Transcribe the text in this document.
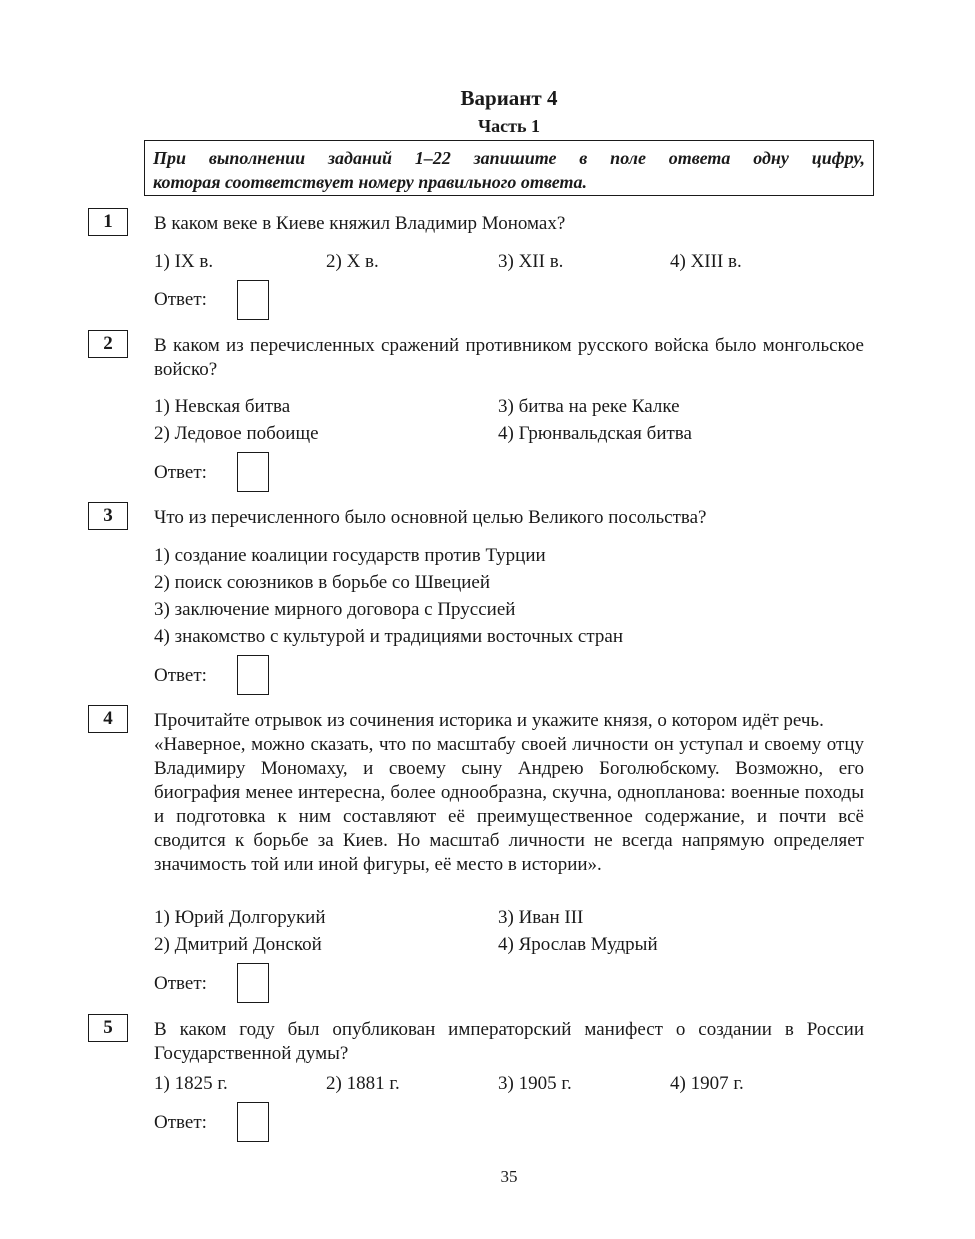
Вариант 4
Часть 1
При выполнении заданий 1–22 запишите в поле ответа одну цифру,
которая соответствует номеру правильного ответа.
1	В каком веке в Киеве княжил Владимир Мономах?
1) IX в.	2) X в.	3) XII в.	4) XIII в.
Ответ:
2	В каком из перечисленных сражений противником русского войска было монгольское войско?
1) Невская битва
2) Ледовое побоище
3) битва на реке Калке
4) Грюнвальдская битва
Ответ:
3	Что из перечисленного было основной целью Великого посольства?
1) создание коалиции государств против Турции
2) поиск союзников в борьбе со Швецией
3) заключение мирного договора с Пруссией
4) знакомство с культурой и традициями восточных стран
Ответ:
4	Прочитайте отрывок из сочинения историка и укажите князя, о котором идёт речь.
«Наверное, можно сказать, что по масштабу своей личности он уступал и своему отцу Владимиру Мономаху, и своему сыну Андрею Боголюбскому. Возможно, его биография менее интересна, более однообразна, скучна, одноплановa: военные походы и подготовка к ним составляют её преимущественное содержание, и почти всё сводится к борьбе за Киев. Но масштаб личности не всегда напрямую определяет значимость той или иной фигуры, её место в истории».
1) Юрий Долгорукий
2) Дмитрий Донской
3) Иван III
4) Ярослав Мудрый
Ответ:
5	В каком году был опубликован императорский манифест о создании в России Государственной думы?
1) 1825 г.	2) 1881 г.	3) 1905 г.	4) 1907 г.
Ответ:
35
